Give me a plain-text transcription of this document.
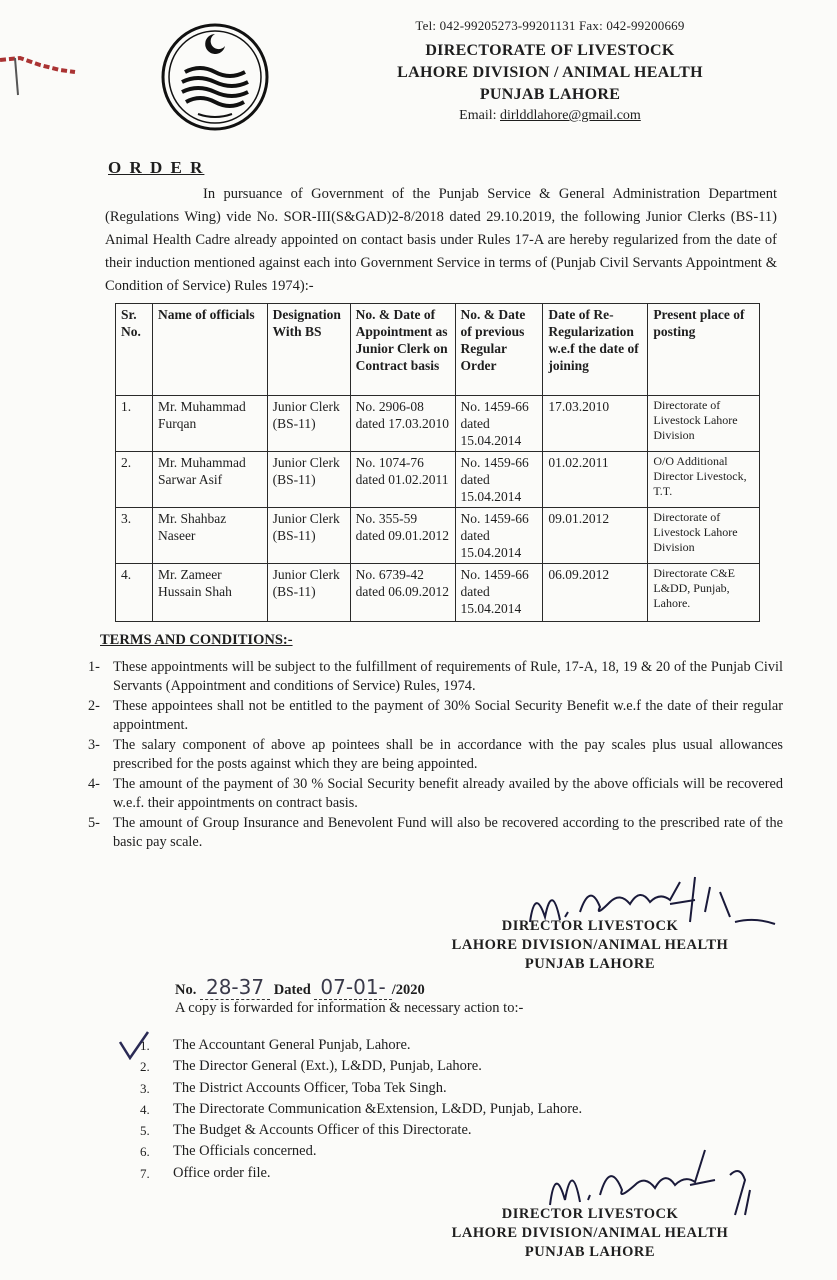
Tel: 042-99205273-99201131 Fax: 042-99200669
DIRECTORATE OF LIVESTOCK
LAHORE DIVISION / ANIMAL HEALTH
PUNJAB LAHORE
Email: dirlddlahore@gmail.com
O R D E R
In pursuance of Government of the Punjab Service & General Administration Department (Regulations Wing) vide No. SOR-III(S&GAD)2-8/2018 dated 29.10.2019, the following Junior Clerks (BS-11) Animal Health Cadre already appointed on contact basis under Rules 17-A are hereby regularized from the date of their induction mentioned against each into Government Service in terms of (Punjab Civil Servants Appointment & Condition of Service) Rules 1974):-
Sr. No.	Name of officials	Designation With BS	No. & Date of Appointment as Junior Clerk on Contract basis	No. & Date of previous Regular Order	Date of Re-Regularization w.e.f the date of joining	Present place of posting
1.	Mr. Muhammad Furqan	Junior Clerk (BS-11)	No. 2906-08 dated 17.03.2010	No. 1459-66 dated 15.04.2014	17.03.2010	Directorate of Livestock Lahore Division
2.	Mr. Muhammad Sarwar Asif	Junior Clerk (BS-11)	No. 1074-76 dated 01.02.2011	No. 1459-66 dated 15.04.2014	01.02.2011	O/O Additional Director Livestock, T.T.
3.	Mr. Shahbaz Naseer	Junior Clerk (BS-11)	No. 355-59 dated 09.01.2012	No. 1459-66 dated 15.04.2014	09.01.2012	Directorate of Livestock Lahore Division
4.	Mr. Zameer Hussain Shah	Junior Clerk (BS-11)	No. 6739-42 dated 06.09.2012	No. 1459-66 dated 15.04.2014	06.09.2012	Directorate C&E L&DD, Punjab, Lahore.
TERMS AND CONDITIONS:-
1- These appointments will be subject to the fulfillment of requirements of Rule, 17-A, 18, 19 & 20 of the Punjab Civil Servants (Appointment and conditions of Service) Rules, 1974.
2- These appointees shall not be entitled to the payment of 30% Social Security Benefit w.e.f the date of their regular appointment.
3- The salary component of above ap pointees shall be in accordance with the pay scales plus usual allowances prescribed for the posts against which they are being appointed.
4- The amount of the payment of 30 % Social Security benefit already availed by the above officials will be recovered w.e.f. their appointments on contract basis.
5- The amount of Group Insurance and Benevolent Fund will also be recovered according to the prescribed rate of the basic pay scale.
DIRECTOR LIVESTOCK
LAHORE DIVISION/ANIMAL HEALTH
PUNJAB LAHORE
No. 28-37 Dated 07-01- /2020
A copy is forwarded for information & necessary action to:-
1. The Accountant General Punjab, Lahore.
2. The Director General (Ext.), L&DD, Punjab, Lahore.
3. The District Accounts Officer, Toba Tek Singh.
4. The Directorate Communication &Extension, L&DD, Punjab, Lahore.
5. The Budget & Accounts Officer of this Directorate.
6. The Officials concerned.
7. Office order file.
DIRECTOR LIVESTOCK
LAHORE DIVISION/ANIMAL HEALTH
PUNJAB LAHORE
